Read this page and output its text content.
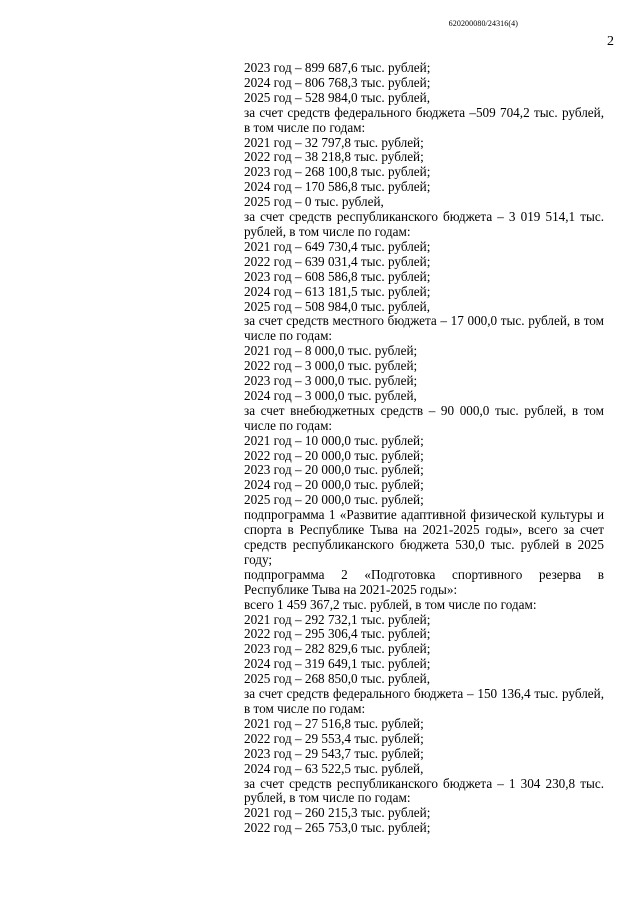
620200080/24316(4)
2
2023 год – 899 687,6 тыс. рублей;
2024 год – 806 768,3 тыс. рублей;
2025 год – 528 984,0 тыс. рублей,
за счет средств федерального бюджета –509 704,2 тыс. рублей, в том числе по годам:
2021 год – 32 797,8 тыс. рублей;
2022 год – 38 218,8 тыс. рублей;
2023 год – 268 100,8 тыс. рублей;
2024 год – 170 586,8 тыс. рублей;
2025 год – 0 тыс. рублей,
за счет средств республиканского бюджета – 3 019 514,1 тыс. рублей, в том числе по годам:
2021 год – 649 730,4 тыс. рублей;
2022 год – 639 031,4 тыс. рублей;
2023 год – 608 586,8 тыс. рублей;
2024 год – 613 181,5 тыс. рублей;
2025 год – 508 984,0 тыс. рублей,
за счет средств местного бюджета – 17 000,0 тыс. рублей, в том числе по годам:
2021 год – 8 000,0 тыс. рублей;
2022 год – 3 000,0 тыс. рублей;
2023 год – 3 000,0 тыс. рублей;
2024 год – 3 000,0 тыс. рублей,
за счет внебюджетных средств – 90 000,0 тыс. рублей, в том числе по годам:
2021 год – 10 000,0 тыс. рублей;
2022 год – 20 000,0 тыс. рублей;
2023 год – 20 000,0 тыс. рублей;
2024 год – 20 000,0 тыс. рублей;
2025 год – 20 000,0 тыс. рублей;
подпрограмма 1 «Развитие адаптивной физической культуры и спорта в Республике Тыва на 2021-2025 годы», всего за счет средств республиканского бюджета 530,0 тыс. рублей в 2025 году;
подпрограмма 2 «Подготовка спортивного резерва в Республике Тыва на 2021-2025 годы»:
всего 1 459 367,2 тыс. рублей, в том числе по годам:
2021 год – 292 732,1 тыс. рублей;
2022 год – 295 306,4 тыс. рублей;
2023 год – 282 829,6 тыс. рублей;
2024 год – 319 649,1 тыс. рублей;
2025 год – 268 850,0 тыс. рублей,
за счет средств федерального бюджета – 150 136,4 тыс. рублей, в том числе по годам:
2021 год – 27 516,8 тыс. рублей;
2022 год – 29 553,4 тыс. рублей;
2023 год – 29 543,7 тыс. рублей;
2024 год – 63 522,5 тыс. рублей,
за счет средств республиканского бюджета – 1 304 230,8 тыс. рублей, в том числе по годам:
2021 год – 260 215,3 тыс. рублей;
2022 год – 265 753,0 тыс. рублей;
